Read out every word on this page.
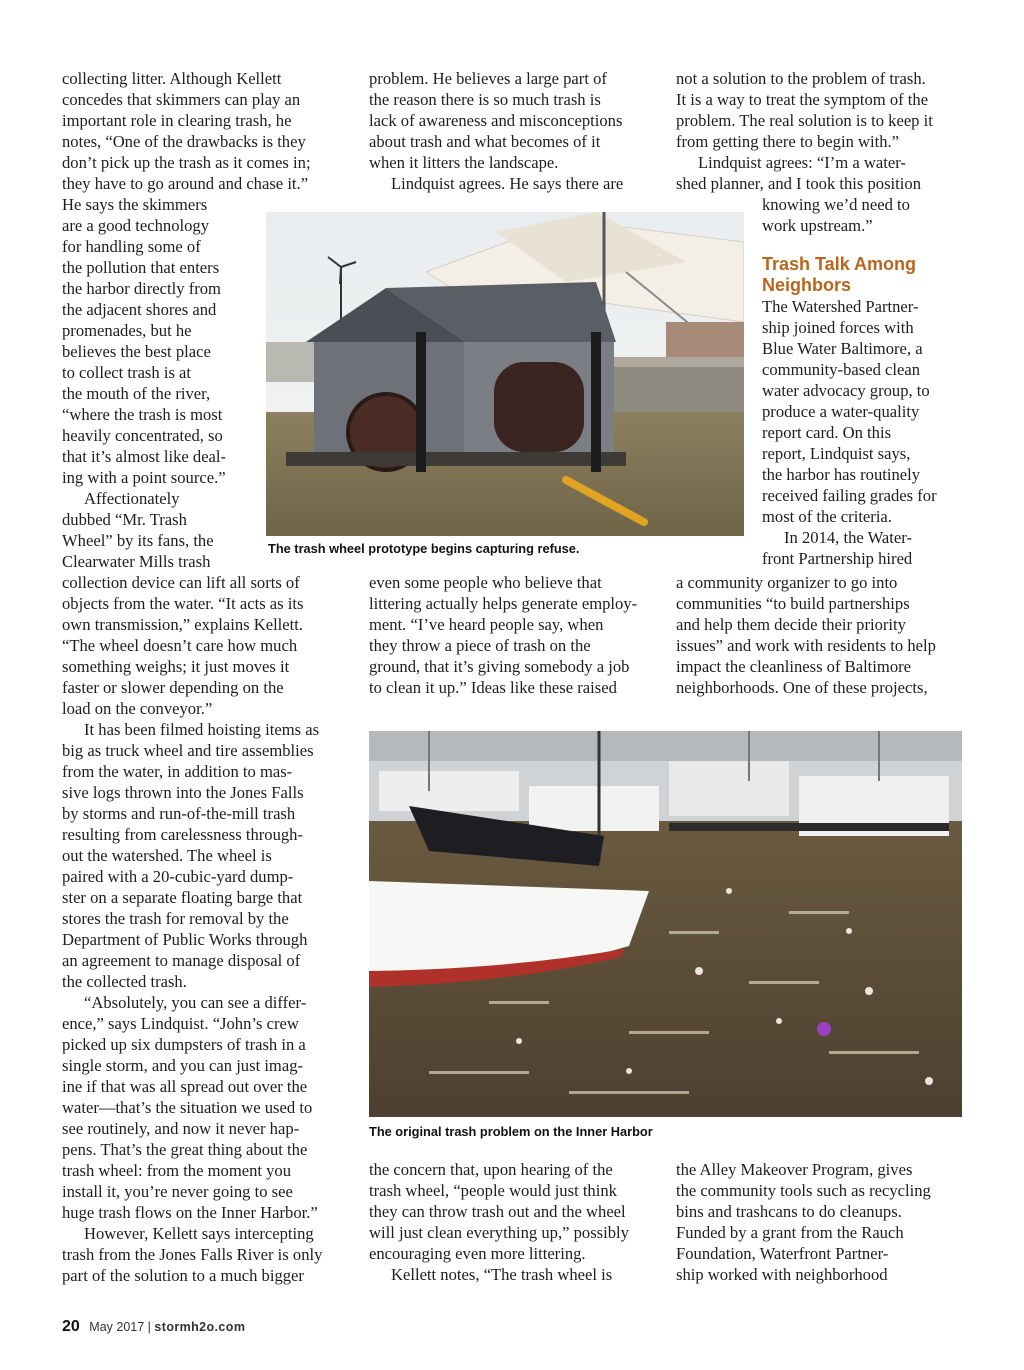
collecting litter. Although Kellett
concedes that skimmers can play an
important role in clearing trash, he
notes, “One of the drawbacks is they
don’t pick up the trash as it comes in;
they have to go around and chase it.”

He says the skimmers
are a good technology
for handling some of
the pollution that enters
the harbor directly from
the adjacent shores and
promenades, but he
believes the best place
to collect trash is at
the mouth of the river,
“where the trash is most
heavily concentrated, so
that it’s almost like deal-
ing with a point source.”

Affectionately
dubbed “Mr. Trash
Wheel” by its fans, the
Clearwater Mills trash

collection device can lift all sorts of
objects from the water. “It acts as its
own transmission,” explains Kellett.
“The wheel doesn’t care how much
something weighs; it just moves it
faster or slower depending on the
load on the conveyor.”

It has been filmed hoisting items as
big as truck wheel and tire assemblies
from the water, in addition to mas-
sive logs thrown into the Jones Falls
by storms and run-of-the-mill trash
resulting from carelessness through-
out the watershed. The wheel is
paired with a 20-cubic-yard dump-
ster on a separate floating barge that
stores the trash for removal by the
Department of Public Works through
an agreement to manage disposal of
the collected trash.

“Absolutely, you can see a differ-
ence,” says Lindquist. “John’s crew
picked up six dumpsters of trash in a
single storm, and you can just imag-
ine if that was all spread out over the
water—that’s the situation we used to
see routinely, and now it never hap-
pens. That’s the great thing about the
trash wheel: from the moment you
install it, you’re never going to see
huge trash flows on the Inner Harbor.”

However, Kellett says intercepting
trash from the Jones Falls River is only
part of the solution to a much bigger

problem. He believes a large part of
the reason there is so much trash is
lack of awareness and misconceptions
about trash and what becomes of it
when it litters the landscape.

Lindquist agrees. He says there are

not a solution to the problem of trash.
It is a way to treat the symptom of the
problem. The real solution is to keep it
from getting there to begin with.”

Lindquist agrees: “I’m a water-
shed planner, and I took this position

knowing we’d need to
work upstream.”

Trash Talk Among
Neighbors

The Watershed Partner-
ship joined forces with
Blue Water Baltimore, a
community-based clean
water advocacy group, to
produce a water-quality
report card. On this
report, Lindquist says,
the harbor has routinely
received failing grades for
most of the criteria.

In 2014, the Water-
front Partnership hired

The trash wheel prototype begins capturing refuse.

even some people who believe that
littering actually helps generate employ-
ment. “I’ve heard people say, when
they throw a piece of trash on the
ground, that it’s giving somebody a job
to clean it up.” Ideas like these raised

a community organizer to go into
communities “to build partnerships
and help them decide their priority
issues” and work with residents to help
impact the cleanliness of Baltimore
neighborhoods. One of these projects,

The original trash problem on the Inner Harbor

the concern that, upon hearing of the
trash wheel, “people would just think
they can throw trash out and the wheel
will just clean everything up,” possibly
encouraging even more littering.

Kellett notes, “The trash wheel is

the Alley Makeover Program, gives
the community tools such as recycling
bins and trashcans to do cleanups.
Funded by a grant from the Rauch
Foundation, Waterfront Partner-
ship worked with neighborhood

20 May 2017 | stormh2o.com
